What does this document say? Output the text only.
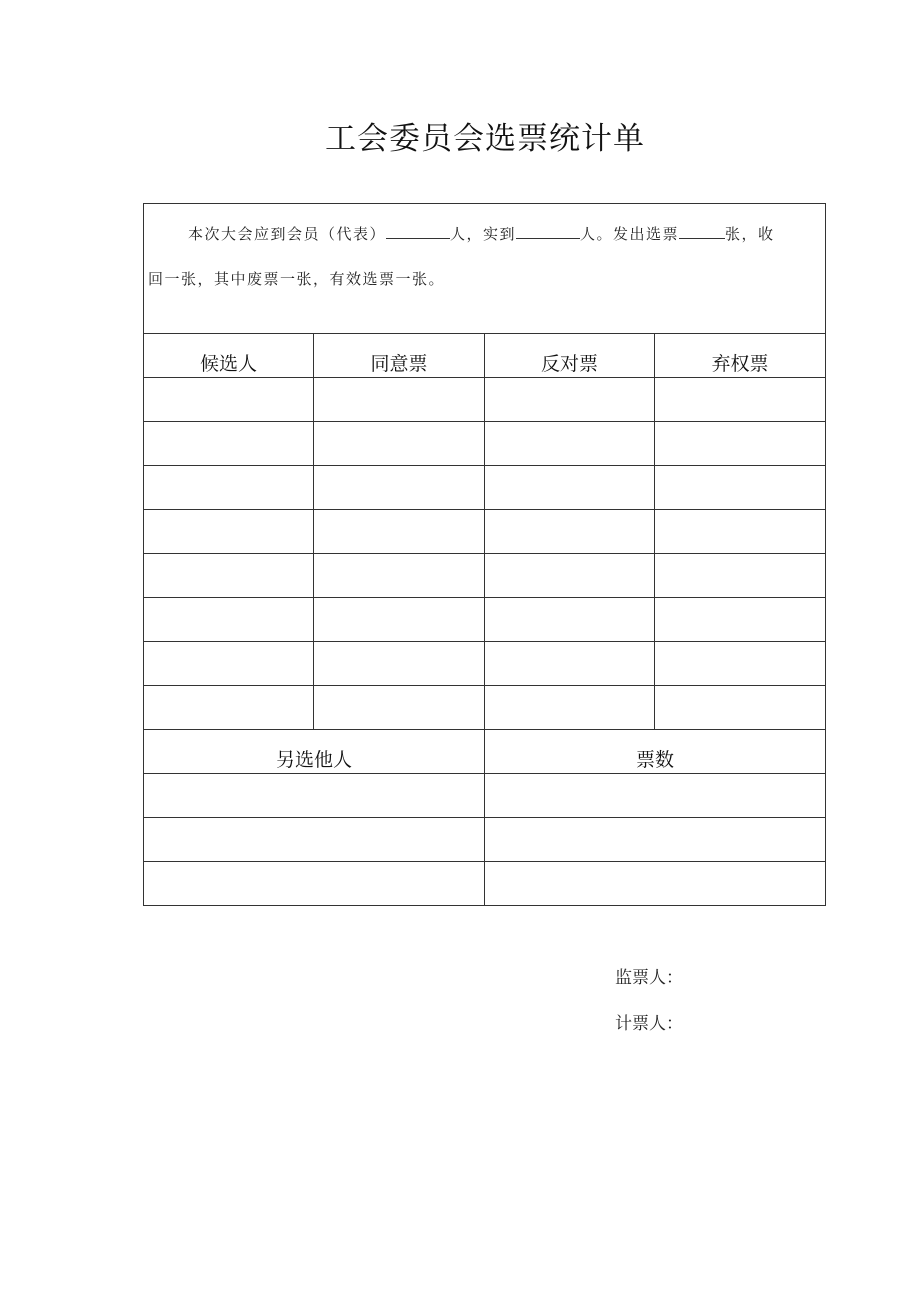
工会委员会选票统计单
本次大会应到会员（代表） 人，实到 人。发出选票 张，收
回一张，其中废票一张，有效选票一张。			
候选人	同意票	反对票	弃权票

另选他人		票数	

监票人：
计票人：
